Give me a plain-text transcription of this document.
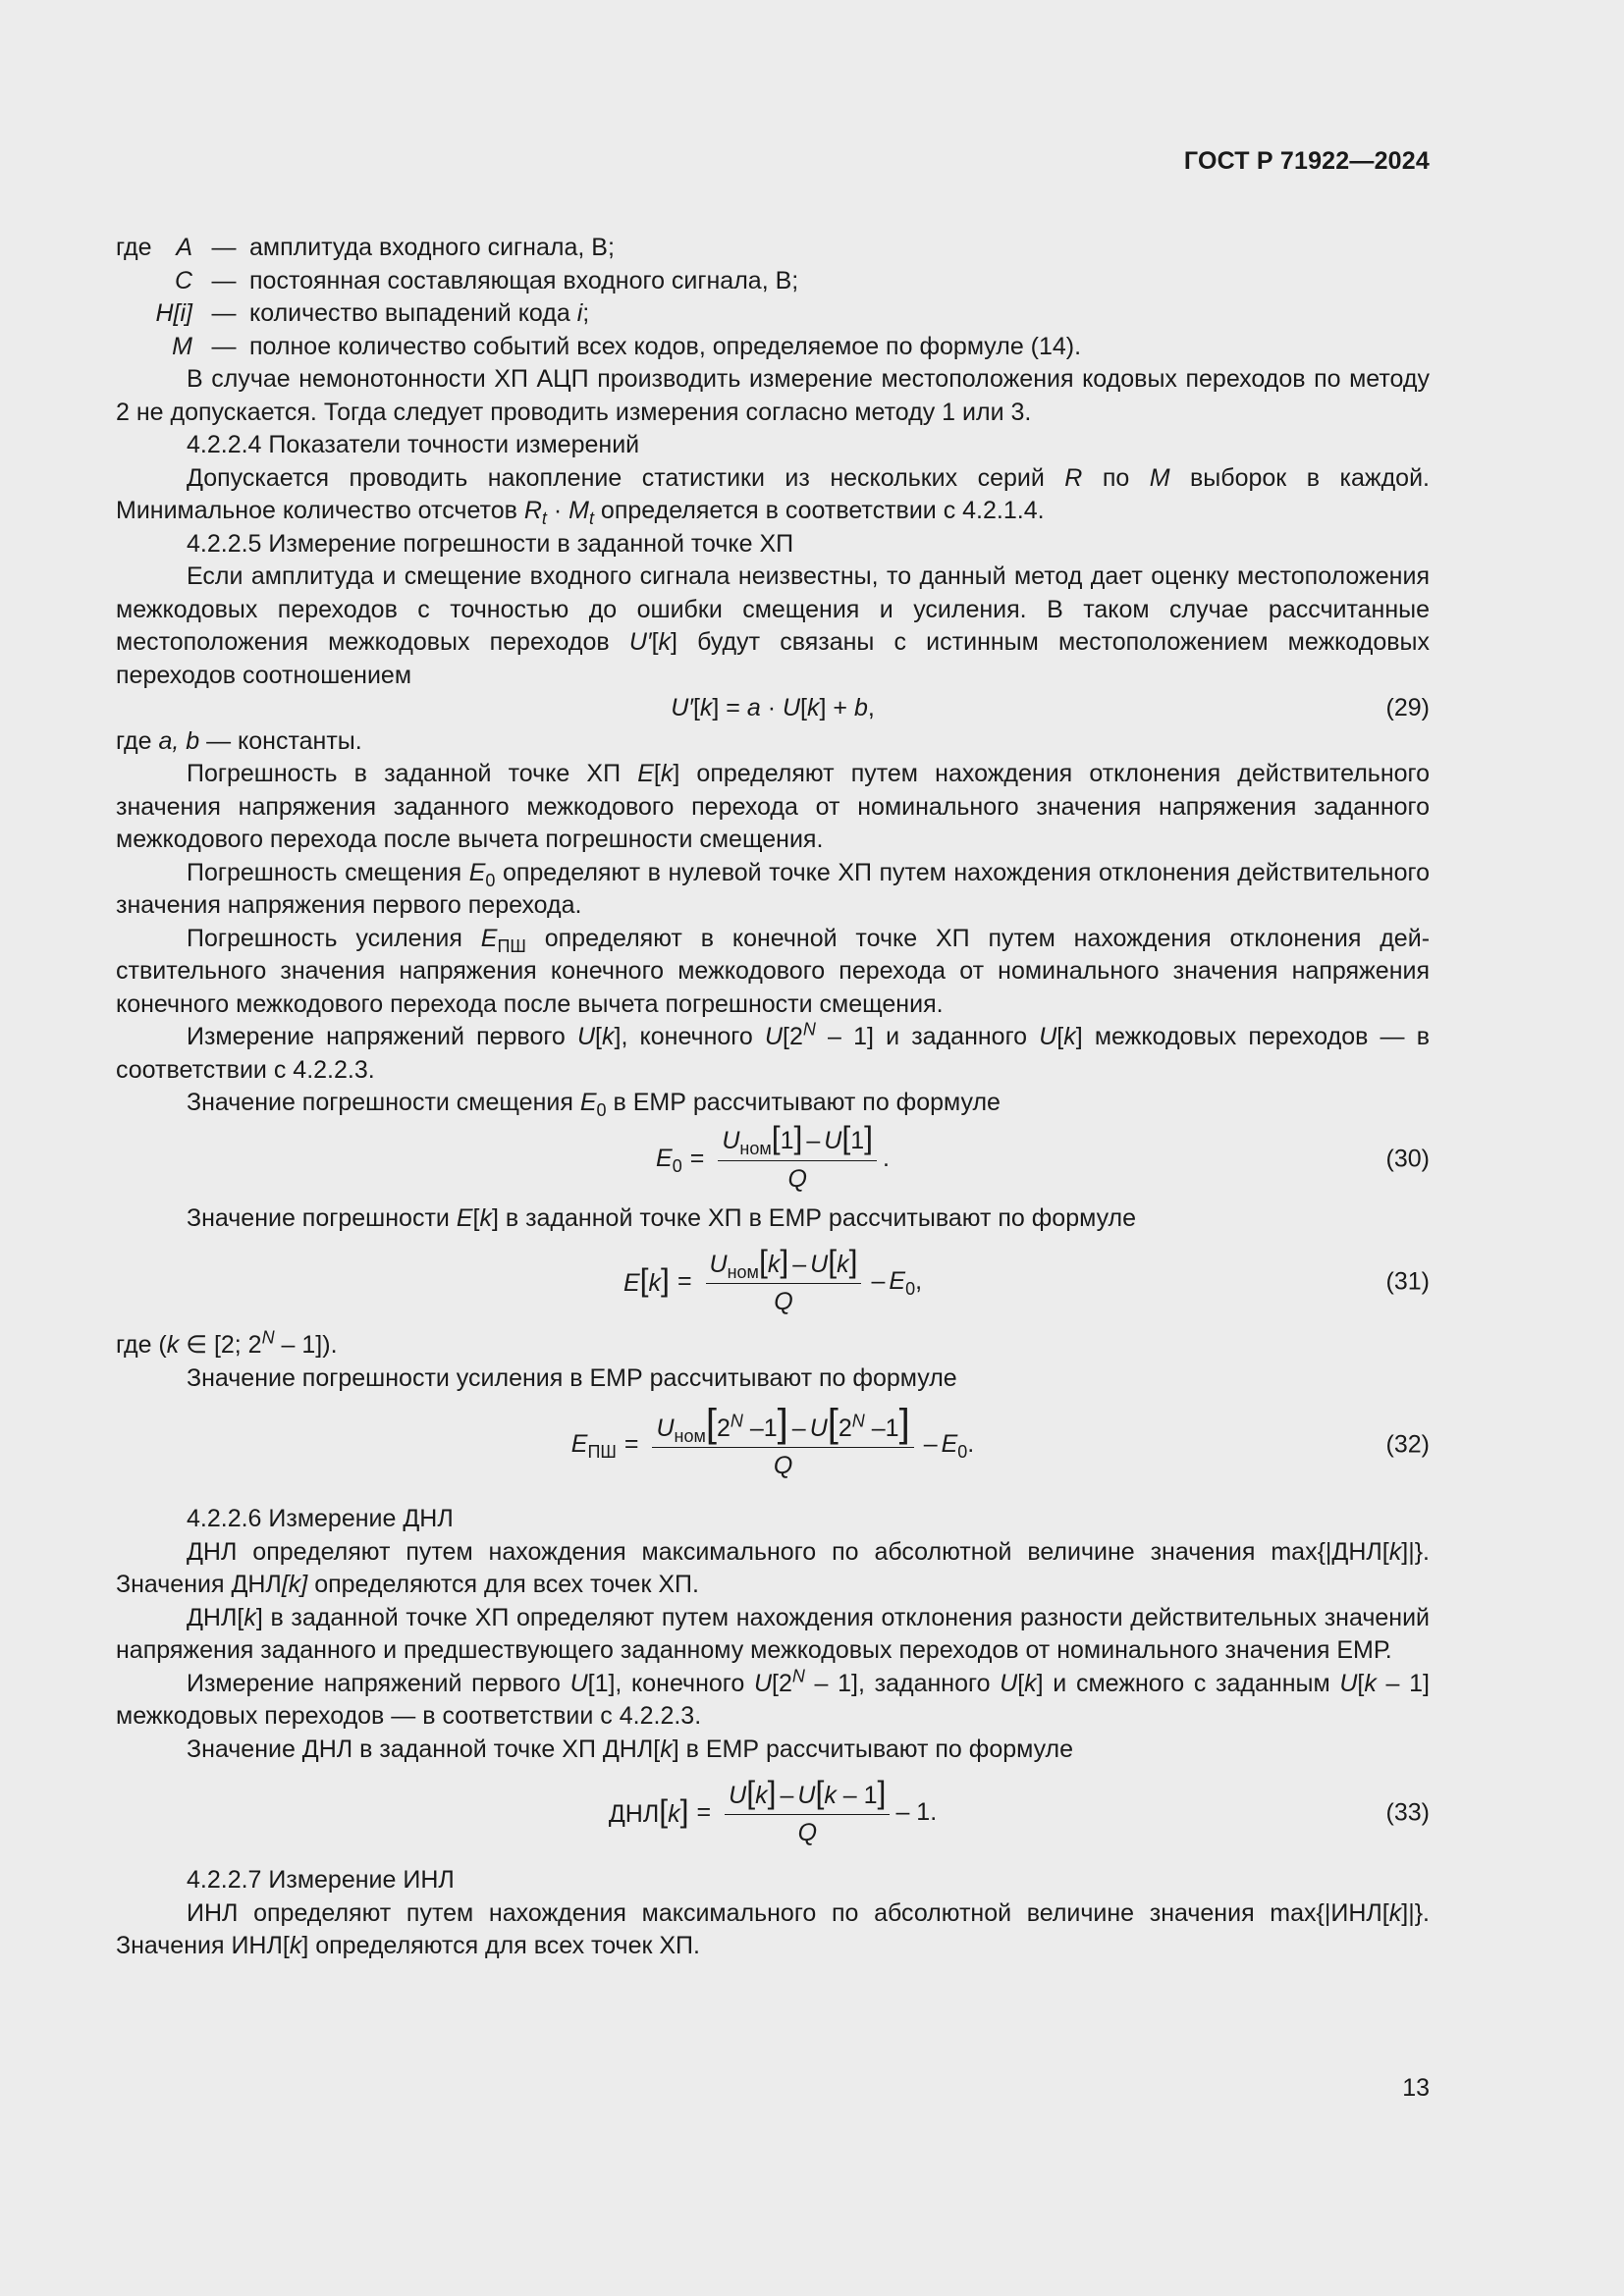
ГОСТ Р 71922—2024
где A — амплитуда входного сигнала, В;
C — постоянная составляющая входного сигнала, В;
H[i] — количество выпадений кода i;
M — полное количество событий всех кодов, определяемое по формуле (14).

В случае немонотонности ХП АЦП производить измерение местоположения кодовых переходов по методу 2 не допускается. Тогда следует проводить измерения согласно методу 1 или 3.

4.2.2.4 Показатели точности измерений

Допускается проводить накопление статистики из нескольких серий R по M выборок в каждой. Минимальное количество отсчетов $R_t \cdot M_t$ определяется в соответствии с 4.2.1.4.

4.2.2.5 Измерение погрешности в заданной точке ХП

Если амплитуда и смещение входного сигнала неизвестны, то данный метод дает оценку местоположения межкодовых переходов с точностью до ошибки смещения и усиления. В таком случае рассчитанные местоположения межкодовых переходов U′[k] будут связаны с истинным местоположением межкодовых переходов соотношением

U′[k] = a · U[k] + b,	(29)

где a, b — константы.

Погрешность в заданной точке ХП E[k] определяют путем нахождения отклонения действительного значения напряжения заданного межкодового перехода от номинального значения напряжения заданного межкодового перехода после вычета погрешности смещения.

Погрешность смещения $E_0$ определяют в нулевой точке ХП путем нахождения отклонения действительного значения напряжения первого перехода.

Погрешность усиления $E_{ПШ}$ определяют в конечной точке ХП путем нахождения отклонения действительного значения напряжения конечного межкодового перехода от номинального значения напряжения конечного межкодового перехода после вычета погрешности смещения.

Измерение напряжений первого U[k], конечного $U[2^N - 1]$ и заданного U[k] межкодовых переходов — в соответствии с 4.2.2.3.

Значение погрешности смещения $E_0$ в ЕМР рассчитывают по формуле

$E_0 = \frac{U_{ном}[1] - U[1]}{Q}$ .	(30)

Значение погрешности E[k] в заданной точке ХП в ЕМР рассчитывают по формуле

$E[k] = \frac{U_{ном}[k] - U[k]}{Q} - E_0$ ,	(31)

где (k ∈ [2; $2^N - 1$]).

Значение погрешности усиления в ЕМР рассчитывают по формуле

$E_{ПШ} = \frac{U_{ном}[2^N -1] - U[2^N -1]}{Q} - E_0$ .	(32)

4.2.2.6 Измерение ДНЛ

ДНЛ определяют путем нахождения максимального по абсолютной величине значения max{|ДНЛ[k]|}. Значения ДНЛ[k] определяются для всех точек ХП.

ДНЛ[k] в заданной точке ХП определяют путем нахождения отклонения разности действительных значений напряжения заданного и предшествующего заданному межкодовых переходов от номинального значения ЕМР.

Измерение напряжений первого U[1], конечного $U[2^N - 1]$, заданного U[k] и смежного с заданным U[k – 1] межкодовых переходов — в соответствии с 4.2.2.3.

Значение ДНЛ в заданной точке ХП ДНЛ[k] в ЕМР рассчитывают по формуле

$ДНЛ[k] = \frac{U[k] - U[k - 1]}{Q} - 1$.	(33)

4.2.2.7 Измерение ИНЛ

ИНЛ определяют путем нахождения максимального по абсолютной величине значения max{|ИНЛ[k]|}. Значения ИНЛ[k] определяются для всех точек ХП.

13
